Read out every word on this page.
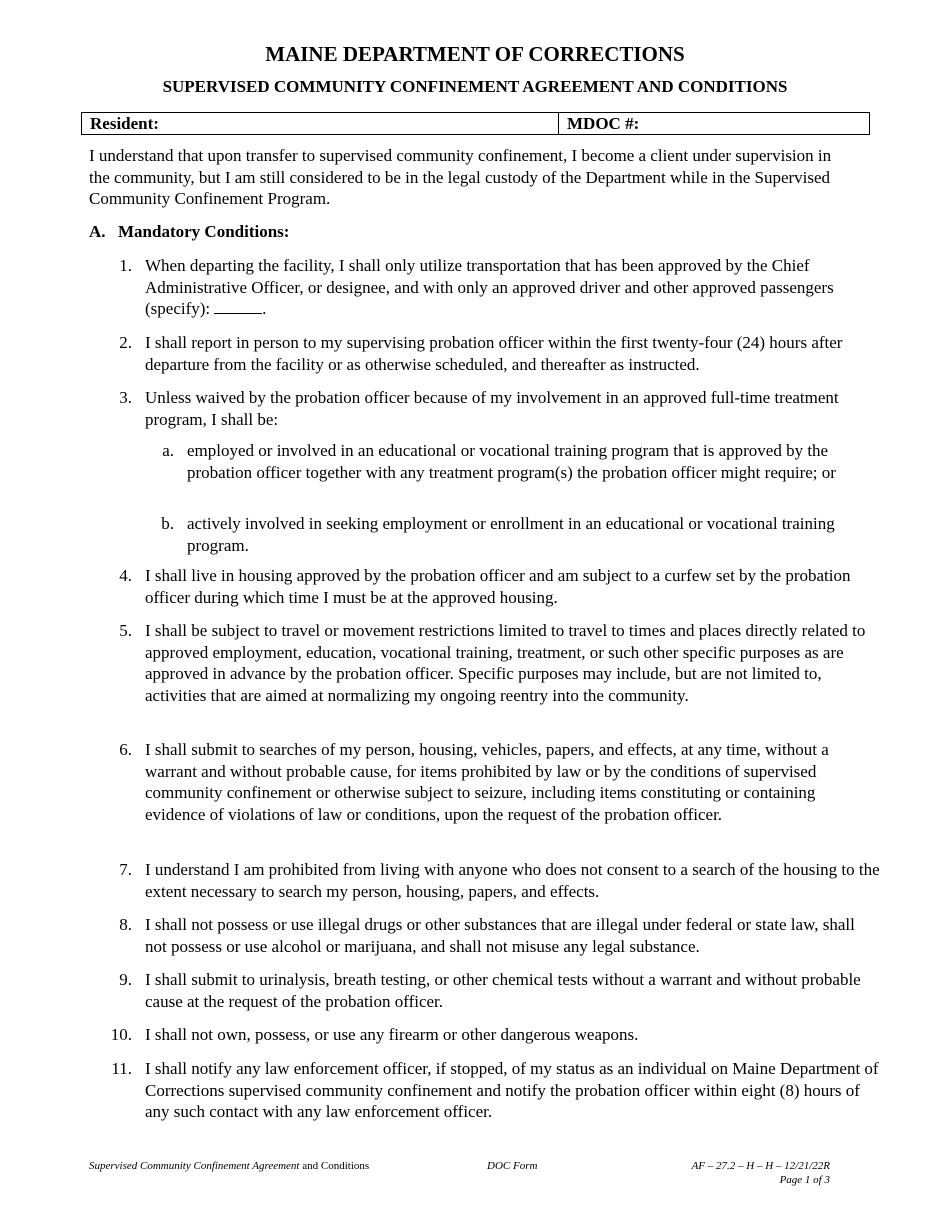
MAINE DEPARTMENT OF CORRECTIONS
SUPERVISED COMMUNITY CONFINEMENT AGREEMENT AND CONDITIONS
Resident:	MDOC #:

I understand that upon transfer to supervised community confinement, I become a client under supervision in the community, but I am still considered to be in the legal custody of the Department while in the Supervised Community Confinement Program.

A. Mandatory Conditions:
1. When departing the facility, I shall only utilize transportation that has been approved by the Chief Administrative Officer, or designee, and with only an approved driver and other approved passengers (specify):	.
2. I shall report in person to my supervising probation officer within the first twenty-four (24) hours after departure from the facility or as otherwise scheduled, and thereafter as instructed.
3. Unless waived by the probation officer because of my involvement in an approved full-time treatment program, I shall be:
a. employed or involved in an educational or vocational training program that is approved by the probation officer together with any treatment program(s) the probation officer might require; or
b. actively involved in seeking employment or enrollment in an educational or vocational training program.
4. I shall live in housing approved by the probation officer and am subject to a curfew set by the probation officer during which time I must be at the approved housing.
5. I shall be subject to travel or movement restrictions limited to travel to times and places directly related to approved employment, education, vocational training, treatment, or such other specific purposes as are approved in advance by the probation officer. Specific purposes may include, but are not limited to, activities that are aimed at normalizing my ongoing reentry into the community.
6. I shall submit to searches of my person, housing, vehicles, papers, and effects, at any time, without a warrant and without probable cause, for items prohibited by law or by the conditions of supervised community confinement or otherwise subject to seizure, including items constituting or containing evidence of violations of law or conditions, upon the request of the probation officer.
7. I understand I am prohibited from living with anyone who does not consent to a search of the housing to the extent necessary to search my person, housing, papers, and effects.
8. I shall not possess or use illegal drugs or other substances that are illegal under federal or state law, shall not possess or use alcohol or marijuana, and shall not misuse any legal substance.
9. I shall submit to urinalysis, breath testing, or other chemical tests without a warrant and without probable cause at the request of the probation officer.
10. I shall not own, possess, or use any firearm or other dangerous weapons.
11. I shall notify any law enforcement officer, if stopped, of my status as an individual on Maine Department of Corrections supervised community confinement and notify the probation officer within eight (8) hours of any such contact with any law enforcement officer.
Supervised Community Confinement Agreement and Conditions	DOC Form	AF – 27.2 – H – H – 12/21/22R
Page 1 of 3
